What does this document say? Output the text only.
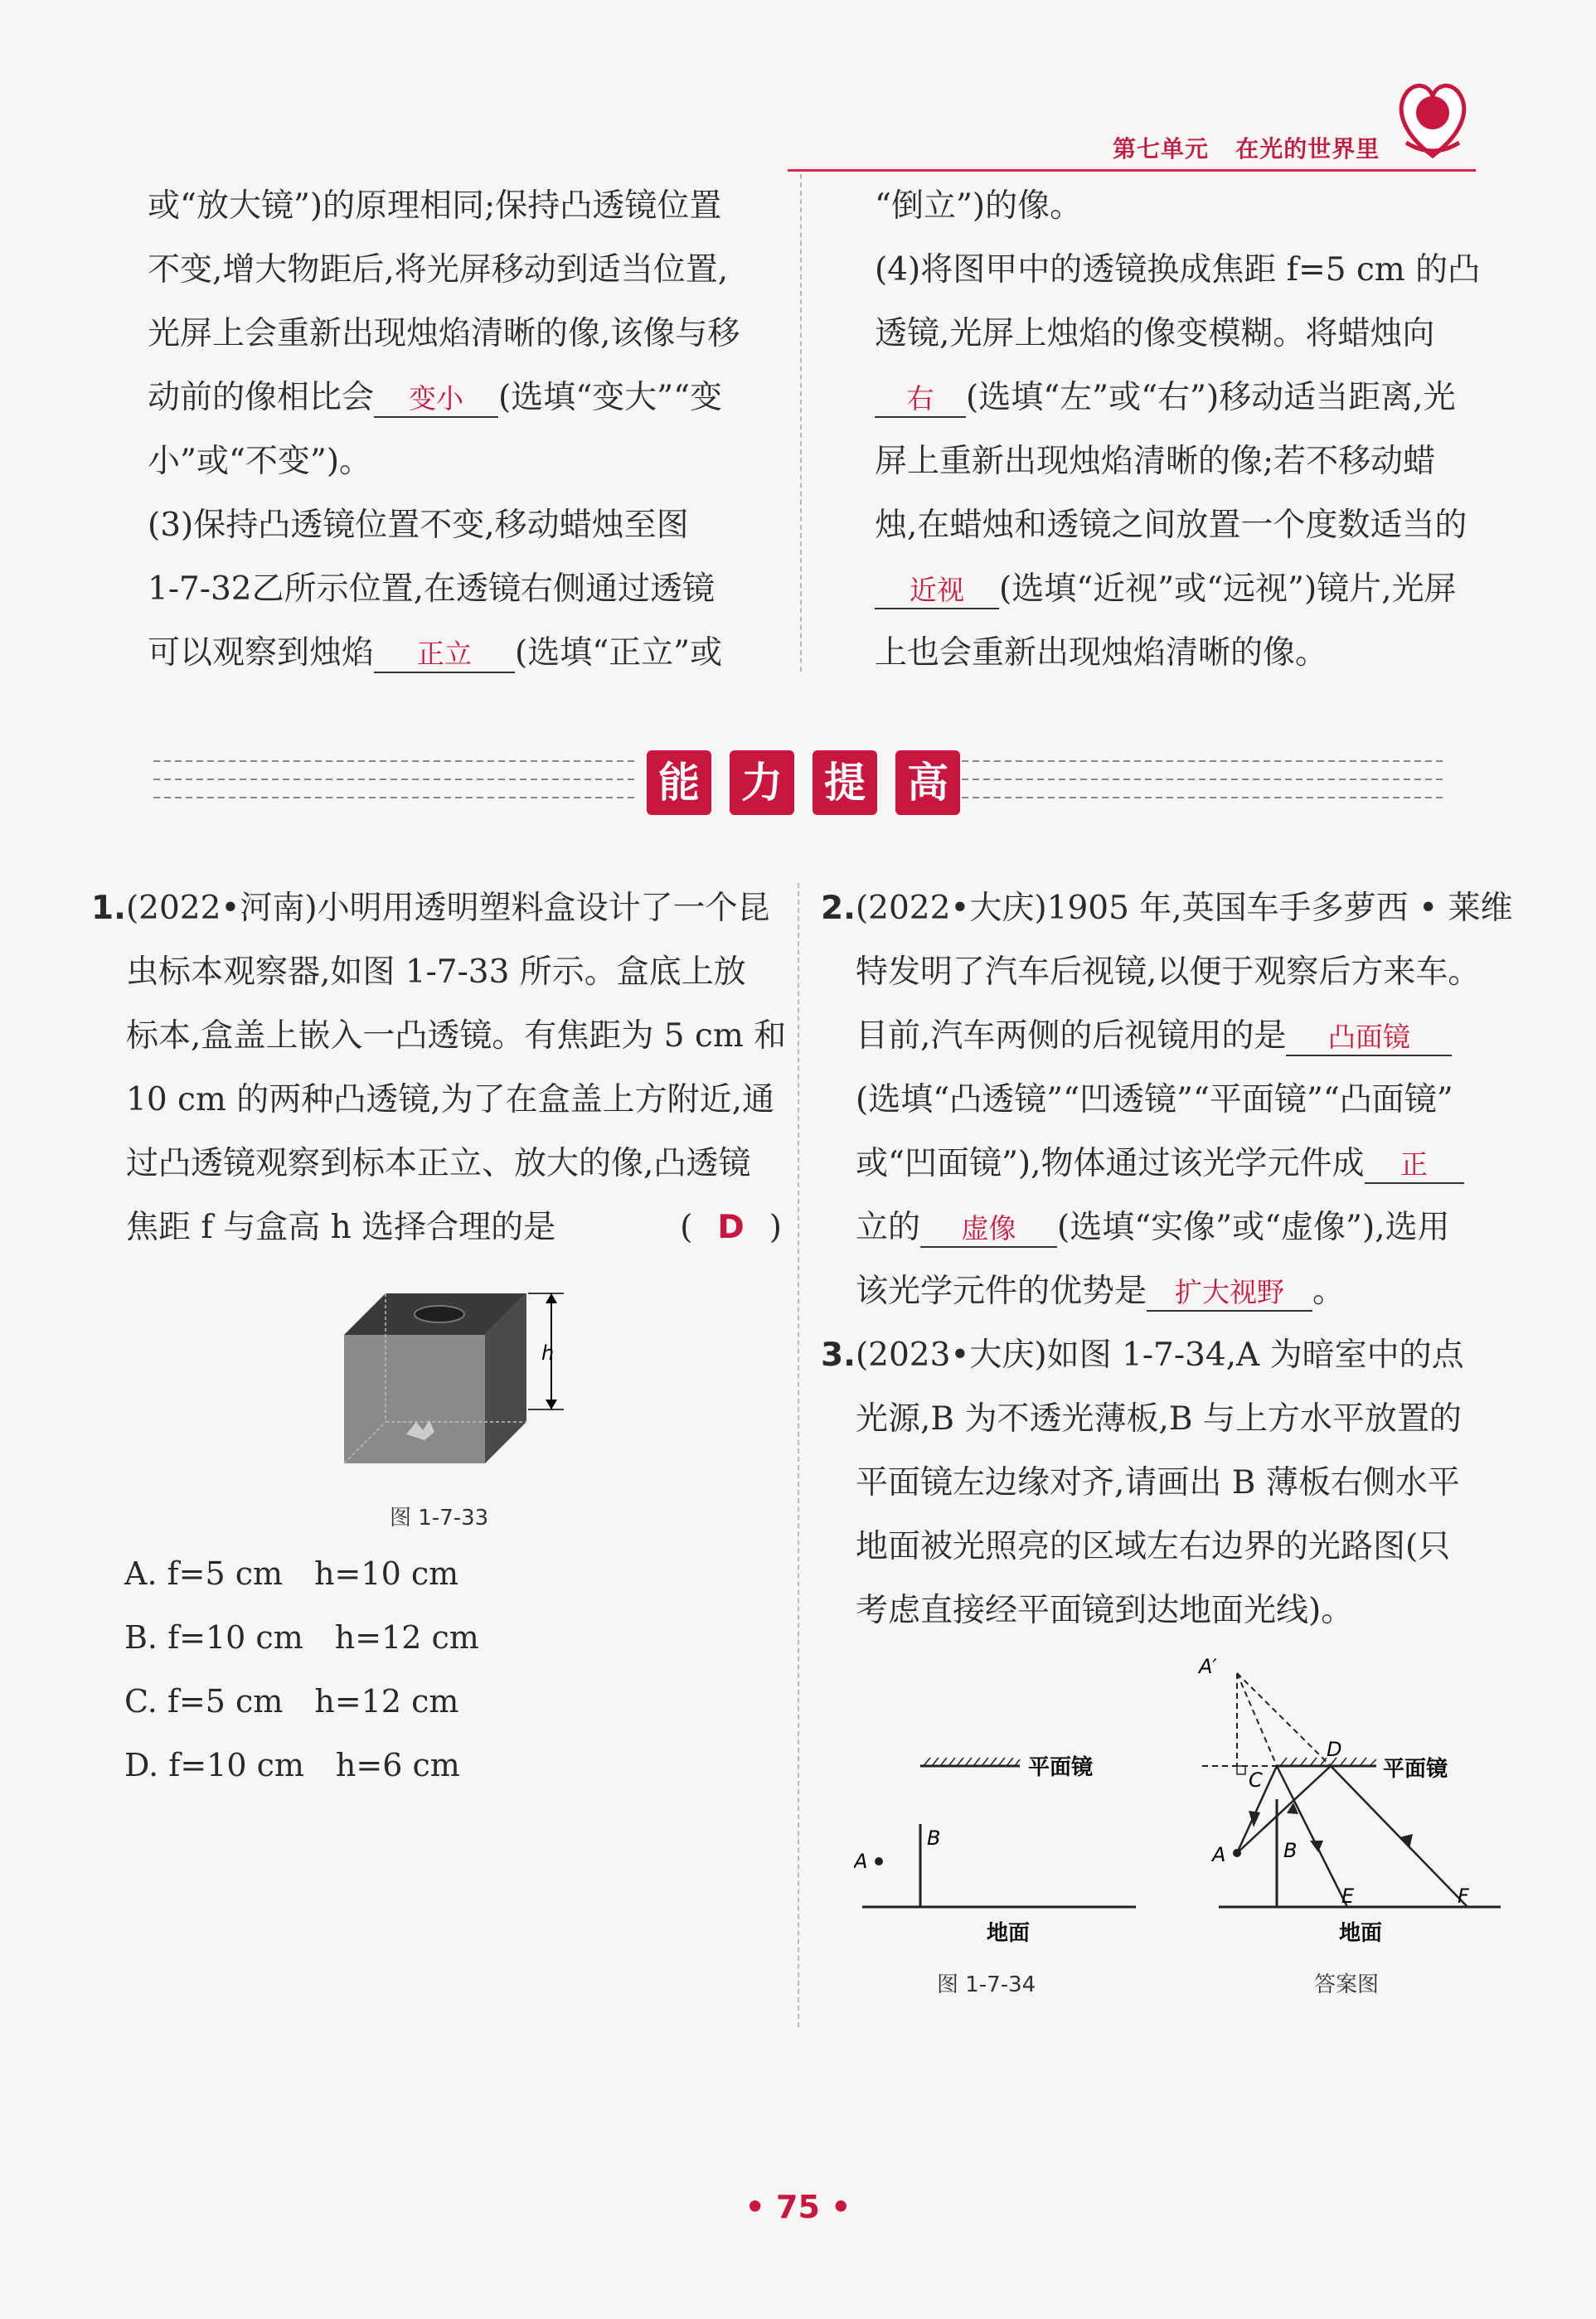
第七单元 在光的世界里

或“放大镜”)的原理相同;保持凸透镜位置

不变,增大物距后,将光屏移动到适当位置,

光屏上会重新出现烛焰清晰的像,该像与移

动前的像相比会 变小 (选填“变大”“变

小”或“不变”)。

(3)保持凸透镜位置不变,移动蜡烛至图

1-7-32乙所示位置,在透镜右侧通过透镜

可以观察到烛焰 正立 (选填“正立”或

“倒立”)的像。

(4)将图甲中的透镜换成焦距 f=5 cm 的凸

透镜,光屏上烛焰的像变模糊。将蜡烛向

右 (选填“左”或“右”)移动适当距离,光

屏上重新出现烛焰清晰的像;若不移动蜡

烛,在蜡烛和透镜之间放置一个度数适当的

近视 (选填“近视”或“远视”)镜片,光屏

上也会重新出现烛焰清晰的像。

能 力 提 高

1.(2022•河南)小明用透明塑料盒设计了一个昆

虫标本观察器,如图 1-7-33 所示。盒底上放

标本,盒盖上嵌入一凸透镜。有焦距为 5 cm 和

10 cm 的两种凸透镜,为了在盒盖上方附近,通

过凸透镜观察到标本正立、放大的像,凸透镜

焦距 f 与盒高 h 选择合理的是	( D )

h
图 1-7-33
A. f=5 cm　h=10 cm
B. f=10 cm　h=12 cm
C. f=5 cm　h=12 cm
D. f=10 cm　h=6 cm

2.(2022•大庆)1905 年,英国车手多萝西 • 莱维

特发明了汽车后视镜,以便于观察后方来车。

目前,汽车两侧的后视镜用的是 凸面镜

(选填“凸透镜”“凹透镜”“平面镜”“凸面镜”

或“凹面镜”),物体通过该光学元件成 正

立的 虚像 (选填“实像”或“虚像”),选用

该光学元件的优势是 扩大视野 。

3.(2023•大庆)如图 1-7-34,A 为暗室中的点

光源,B 为不透光薄板,B 与上方水平放置的

平面镜左边缘对齐,请画出 B 薄板右侧水平

地面被光照亮的区域左右边界的光路图(只

考虑直接经平面镜到达地面光线)。

平面镜
A
B
地面
图 1-7-34
A′
D
平面镜
A	B
C
E	F
地面
答案图
• 75 •
